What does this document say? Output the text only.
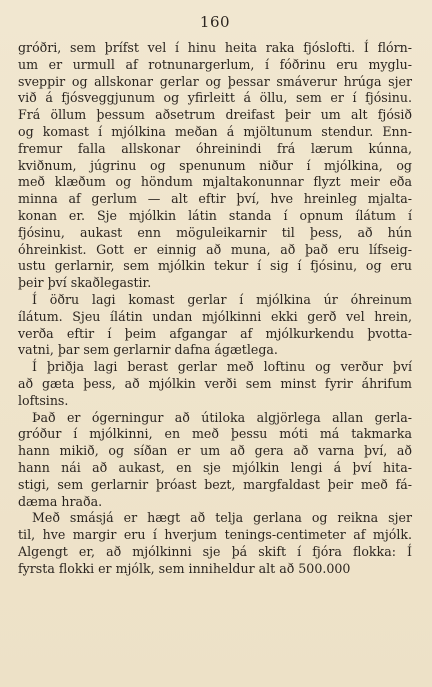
160

gróðri, sem þrífst vel í hinu heita raka fjóslofti. Í flórn-
um er urmull af rotnunargerlum, í fóðrinu eru myglu-
sveppir og allskonar gerlar og þessar smáverur hrúga sjer
við á fjósveggjunum og yfirleitt á öllu, sem er í fjósinu.
Frá öllum þessum aðsetrum dreifast þeir um alt fjósið
og komast í mjólkina meðan á mjöltunum stendur. Enn-
fremur falla allskonar óhreinindi frá lærum kúnna,
kviðnum, júgrinu og spenunum niður í mjólkina, og
með klæðum og höndum mjaltakonunnar flyzt meir eða
minna af gerlum — alt eftir því, hve hreinleg mjalta-
konan er. Sje mjólkin látin standa í opnum ílátum í
fjósinu, aukast enn möguleikarnir til þess, að hún
óhreinkist. Gott er einnig að muna, að það eru lífseig-
ustu gerlarnir, sem mjólkin tekur í sig í fjósinu, og eru
þeir því skaðlegastir.

Í öðru lagi komast gerlar í mjólkina úr óhreinum
ílátum. Sjeu ílátin undan mjólkinni ekki gerð vel hrein,
verða eftir í þeim afgangar af mjólkurkendu þvotta-
vatni, þar sem gerlarnir dafna ágætlega.

Í þriðja lagi berast gerlar með loftinu og verður því
að gæta þess, að mjólkin verði sem minst fyrir áhrifum
loftsins.

Það er ógerningur að útiloka algjörlega allan gerla-
gróður í mjólkinni, en með þessu móti má takmarka
hann mikið, og síðan er um að gera að varna því, að
hann nái að aukast, en sje mjólkin lengi á því hita-
stigi, sem gerlarnir þróast bezt, margfaldast þeir með fá-
dæma hraða.

Með smásjá er hægt að telja gerlana og reikna sjer
til, hve margir eru í hverjum tenings-centimeter af mjólk.
Algengt er, að mjólkinni sje þá skift í fjóra flokka: Í
fyrsta flokki er mjólk, sem inniheldur alt að 500.000
